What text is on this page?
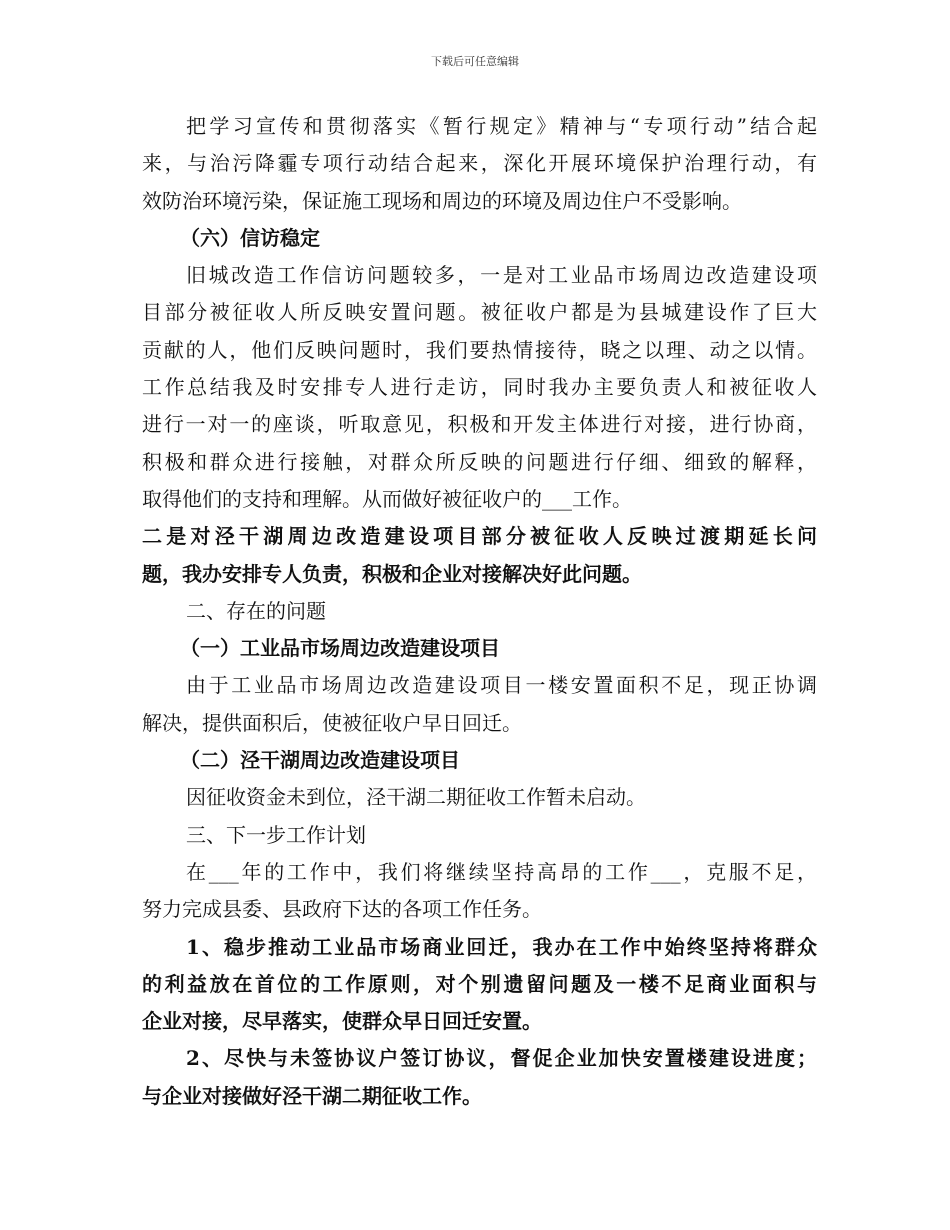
下载后可任意编辑
把学习宣传和贯彻落实《暂行规定》精神与“专项行动”结合起
来，与治污降霾专项行动结合起来，深化开展环境保护治理行动，有
效防治环境污染，保证施工现场和周边的环境及周边住户不受影响。
（六）信访稳定
旧城改造工作信访问题较多，一是对工业品市场周边改造建设项
目部分被征收人所反映安置问题。被征收户都是为县城建设作了巨大
贡献的人，他们反映问题时，我们要热情接待，晓之以理、动之以情。
工作总结我及时安排专人进行走访，同时我办主要负责人和被征收人
进行一对一的座谈，听取意见，积极和开发主体进行对接，进行协商，
积极和群众进行接触，对群众所反映的问题进行仔细、细致的解释，
取得他们的支持和理解。从而做好被征收户的___工作。
二是对泾干湖周边改造建设项目部分被征收人反映过渡期延长问
题，我办安排专人负责，积极和企业对接解决好此问题。
二、存在的问题
（一）工业品市场周边改造建设项目
由于工业品市场周边改造建设项目一楼安置面积不足，现正协调
解决，提供面积后，使被征收户早日回迁。
（二）泾干湖周边改造建设项目
因征收资金未到位，泾干湖二期征收工作暂未启动。
三、下一步工作计划
在___年的工作中，我们将继续坚持高昂的工作___，克服不足，
努力完成县委、县政府下达的各项工作任务。
1、稳步推动工业品市场商业回迁，我办在工作中始终坚持将群众
的利益放在首位的工作原则，对个别遗留问题及一楼不足商业面积与
企业对接，尽早落实，使群众早日回迁安置。
2、尽快与未签协议户签订协议，督促企业加快安置楼建设进度；
与企业对接做好泾干湖二期征收工作。
